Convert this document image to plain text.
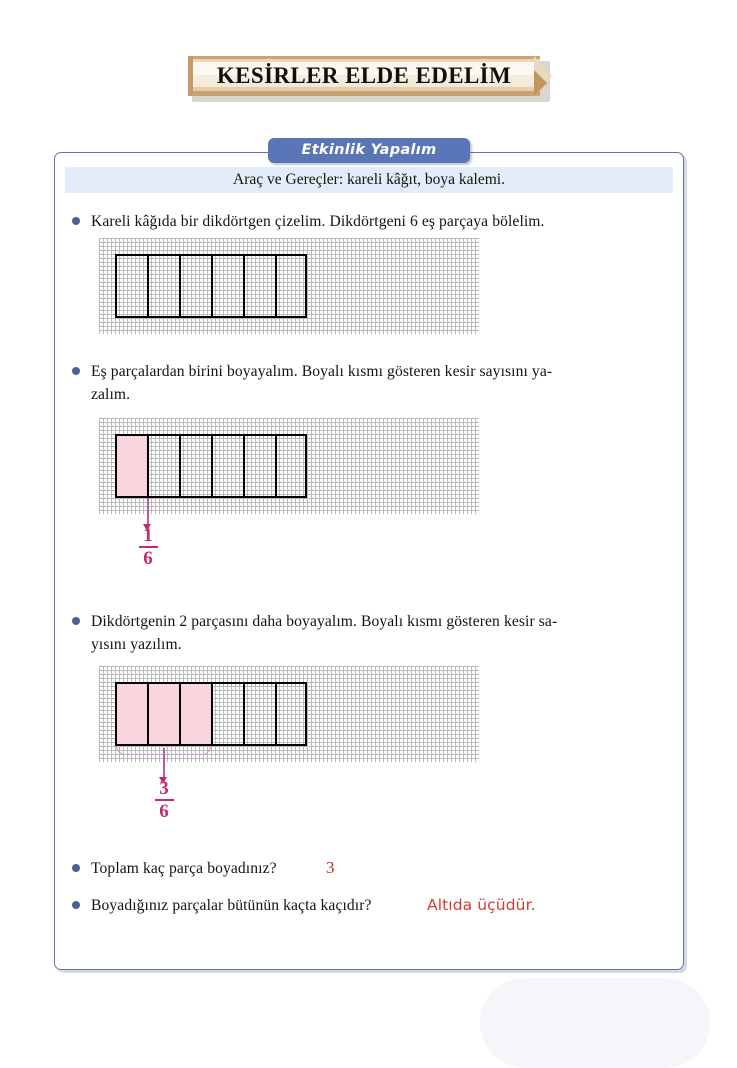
KESİRLER ELDE EDELİM
Etkinlik Yapalım
Araç ve Gereçler: kareli kâğıt, boya kalemi.
Kareli kâğıda bir dikdörtgen çizelim. Dikdörtgeni 6 eş parçaya bölelim.
Eş parçalardan birini boyayalım. Boyalı kısmı gösteren kesir sayısını ya-
zalım.
1
6
Dikdörtgenin 2 parçasını daha boyayalım. Boyalı kısmı gösteren kesir sa-
yısını yazılım.
3
6
Toplam kaç parça boyadınız?	3
Boyadığınız parçalar bütünün kaçta kaçıdır?	Altıda üçüdür.
